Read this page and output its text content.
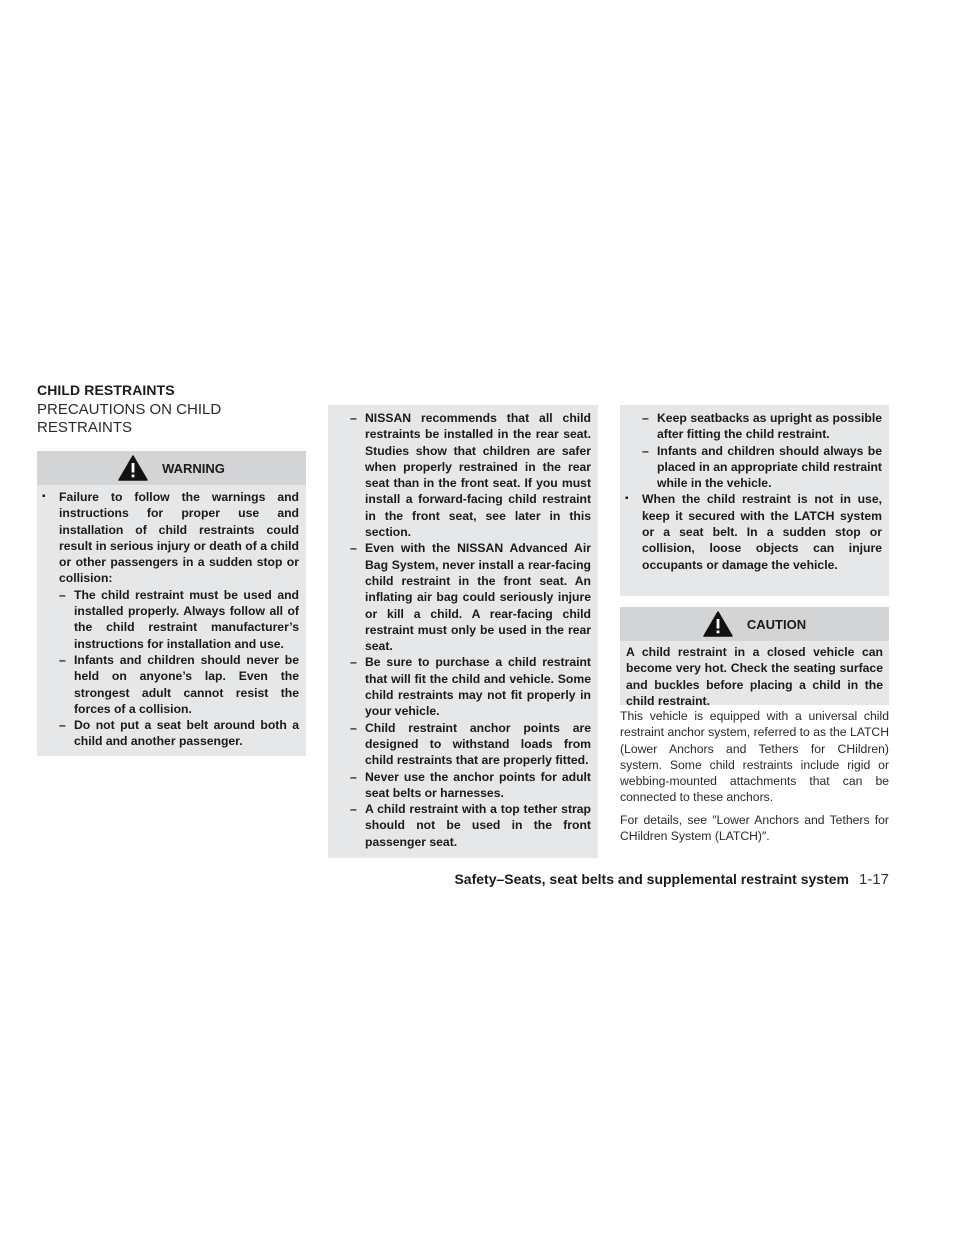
CHILD RESTRAINTS
PRECAUTIONS ON CHILD RESTRAINTS
WARNING
▪ Failure to follow the warnings and instructions for proper use and installation of child restraints could result in serious injury or death of a child or other passengers in a sudden stop or collision:
– The child restraint must be used and installed properly. Always follow all of the child restraint manufacturer’s instructions for installation and use.
– Infants and children should never be held on anyone’s lap. Even the strongest adult cannot resist the forces of a collision.
– Do not put a seat belt around both a child and another passenger.
– NISSAN recommends that all child restraints be installed in the rear seat. Studies show that children are safer when properly restrained in the rear seat than in the front seat. If you must install a forward-facing child restraint in the front seat, see later in this section.
– Even with the NISSAN Advanced Air Bag System, never install a rear-facing child restraint in the front seat. An inflating air bag could seriously injure or kill a child. A rear-facing child restraint must only be used in the rear seat.
– Be sure to purchase a child restraint that will fit the child and vehicle. Some child restraints may not fit properly in your vehicle.
– Child restraint anchor points are designed to withstand loads from child restraints that are properly fitted.
– Never use the anchor points for adult seat belts or harnesses.
– A child restraint with a top tether strap should not be used in the front passenger seat.
– Keep seatbacks as upright as possible after fitting the child restraint.
– Infants and children should always be placed in an appropriate child restraint while in the vehicle.
▪ When the child restraint is not in use, keep it secured with the LATCH system or a seat belt. In a sudden stop or collision, loose objects can injure occupants or damage the vehicle.
CAUTION
A child restraint in a closed vehicle can become very hot. Check the seating surface and buckles before placing a child in the child restraint.
This vehicle is equipped with a universal child restraint anchor system, referred to as the LATCH (Lower Anchors and Tethers for CHildren) system. Some child restraints include rigid or webbing-mounted attachments that can be connected to these anchors.
For details, see ″Lower Anchors and Tethers for CHildren System (LATCH)″.
Safety–Seats, seat belts and supplemental restraint system 1-17
